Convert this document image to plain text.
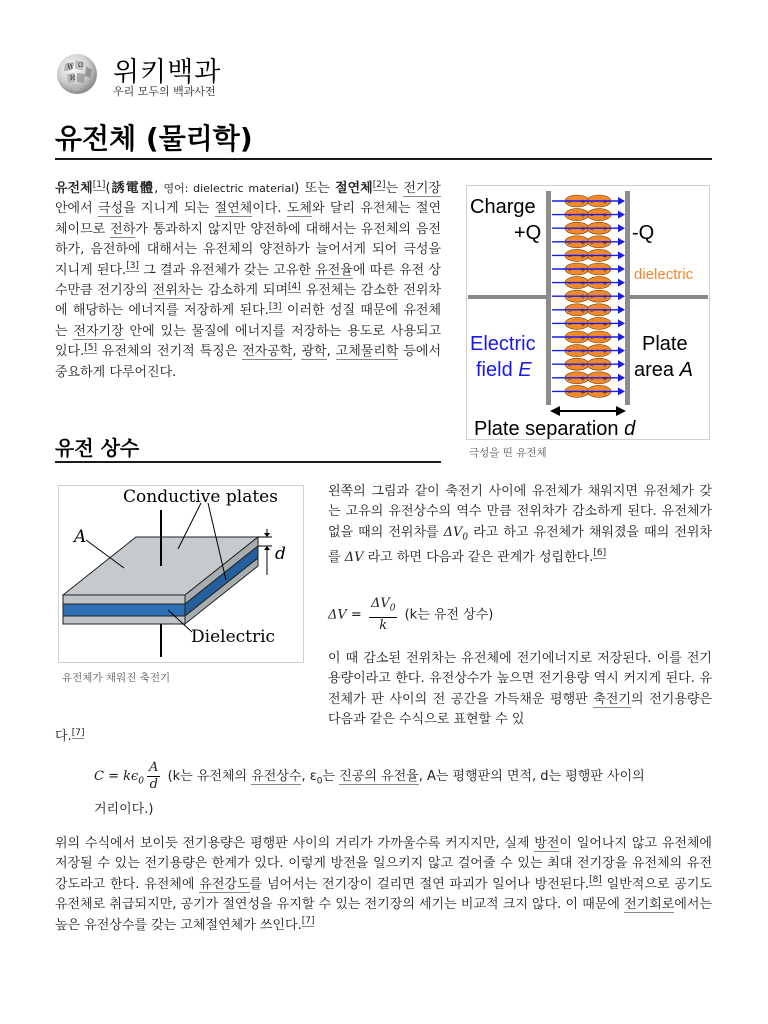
W Ω
И 위키백과
우리 모두의 백과사전
유전체 (물리학)
유전체[1](誘電體, 영어: dielectric material) 또는 절연체[2]는 전기장 안에서 극성을 지니게 되는 절연체이다. 도체와 달리 유전체는 절연체이므로 전하가 통과하지 않지만 양전하에 대해서는 유전체의 음전하가, 음전하에 대해서는 유전체의 양전하가 늘어서게 되어 극성을 지니게 된다.[3] 그 결과 유전체가 갖는 고유한 유전율에 따른 유전 상수만큼 전기장의 전위차는 감소하게 되며[4] 유전체는 감소한 전위차에 해당하는 에너지를 저장하게 된다.[3] 이러한 성질 때문에 유전체는 전자기장 안에 있는 물질에 에너지를 저장하는 용도로 사용되고 있다.[5] 유전체의 전기적 특징은 전자공학, 광학, 고체물리학 등에서 중요하게 다루어진다.
– + – +
– + – +
– + – +
– + – +
– + – +
– + – +
– + – +
– + – +
– + – +
– + – +
– + – +
– + – +
– + – +
– + – +
– + – +
Charge
+Q	-Q
dielectric
Electric
field E
Plate
area A
Plate separation d
극성을 띤 유전체
유전 상수
Conductive plates
A
d
Dielectric
유전체가 채워진 축전기
왼쪽의 그림과 같이 축전기 사이에 유전체가 채워지면 유전체가 갖는 고유의 유전상수의 역수 만큼 전위차가 감소하게 된다. 유전체가 없을 때의 전위차를 $\Delta V_0$ 라고 하고 유전체가 채워졌을 때의 전위차를 ΔV 라고 하면 다음과 같은 관계가 성립한다.[6]
$\Delta V = \frac{\Delta V_0}{k} (k$는 유전 상수)
이 때 감소된 전위차는 유전체에 전기에너지로 저장된다. 이를 전기용량이라고 한다. 유전상수가 높으면 전기용량 역시 커지게 된다. 유전체가 판 사이의 전 공간을 가득채운 평행판 축전기의 전기용량은 다음과 같은 수식으로 표현할 수 있
다.[7]
$C = k\epsilon_0 \frac{A}{d} (k$는 유전체의 유전상수, $\varepsilon_0$는 진공의 유전율, A는 평행판의 면적, d는 평행판 사이의
거리이다.)
위의 수식에서 보이듯 전기용량은 평행판 사이의 거리가 가까울수록 커지지만, 실제 방전이 일어나지 않고 유전체에 저장될 수 있는 전기용량은 한계가 있다. 이렇게 방전을 일으키지 않고 걸어줄 수 있는 최대 전기장을 유전체의 유전 강도라고 한다. 유전체에 유전강도를 넘어서는 전기장이 걸리면 절연 파괴가 일어나 방전된다.[8] 일반적으로 공기도 유전체로 취급되지만, 공기가 절연성을 유지할 수 있는 전기장의 세기는 비교적 크지 않다. 이 때문에 전기회로에서는 높은 유전상수를 갖는 고체절연체가 쓰인다.[7]
